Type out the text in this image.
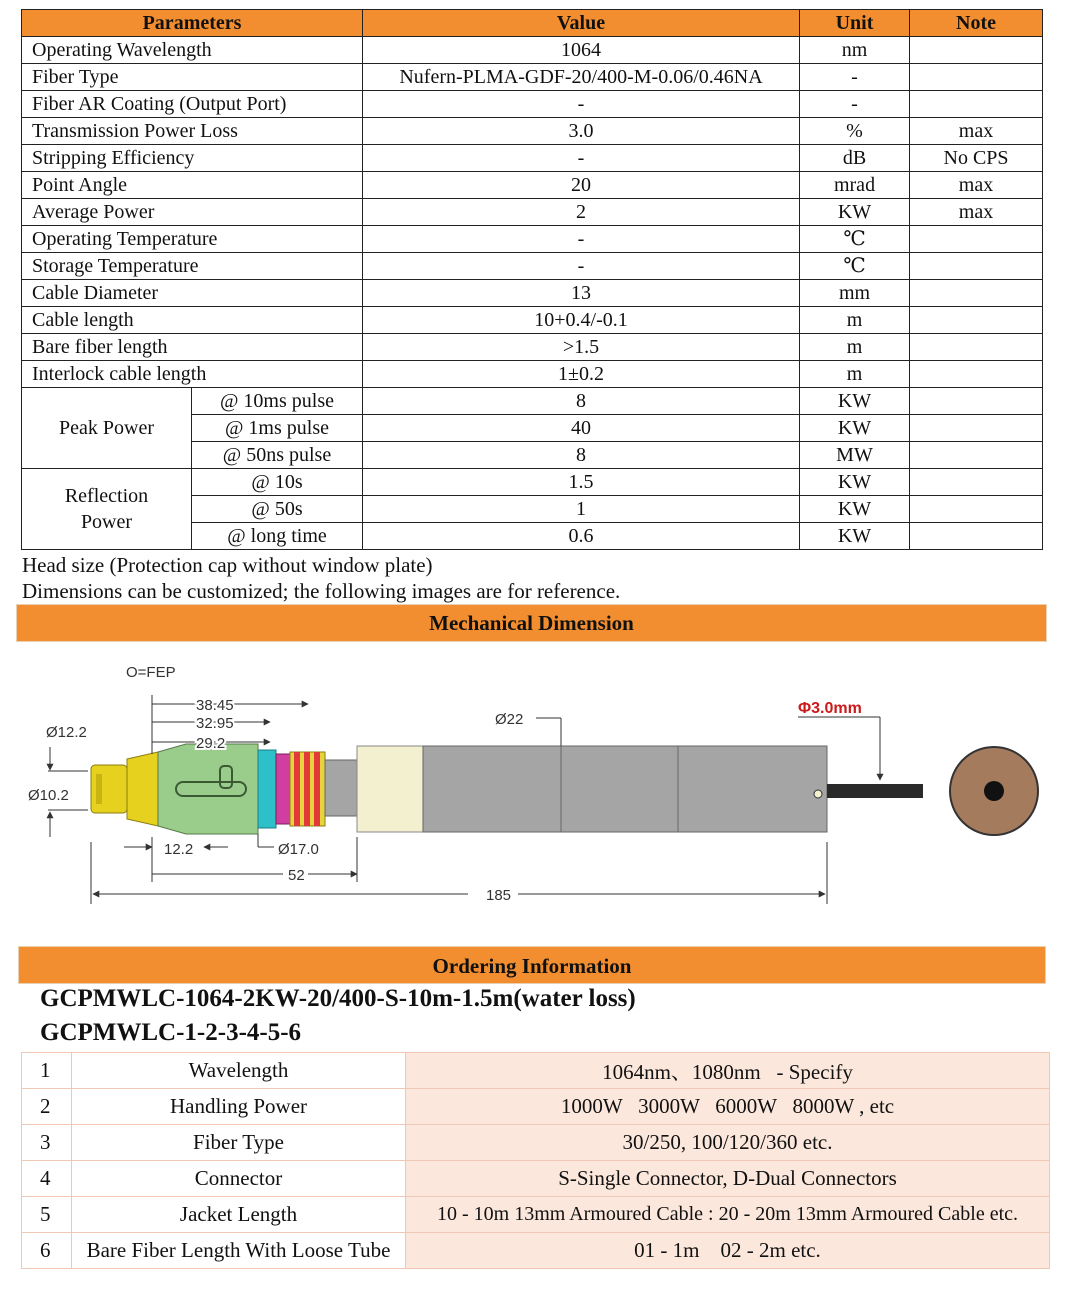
Parameters		Value	Unit	Note
Operating Wavelength		1064	nm	
Fiber Type		Nufern-PLMA-GDF-20/400-M-0.06/0.46NA	-	
Fiber AR Coating (Output Port)		-	-	
Transmission Power Loss		3.0	%	max
Stripping Efficiency		-	dB	No CPS
Point Angle		20	mrad	max
Average Power		2	KW	max
Operating Temperature		-	℃	
Storage Temperature		-	℃	
Cable Diameter		13	mm	
Cable length		10+0.4/-0.1	m	
Bare fiber length		>1.5	m	
Interlock cable length		1±0.2	m	
Peak Power	@ 10ms pulse	8	KW	
	@ 1ms pulse	40	KW	
	@ 50ns pulse	8	MW	
Reflection
Power	@ 10s	1.5	KW	
	@ 50s	1	KW	
	@ long time	0.6	KW	
Head size (Protection cap without window plate)
Dimensions can be customized; the following images are for reference.
Mechanical Dimension
O=FEP
38.45
32.95
29.2
Ø12.2
Ø10.2
12.2	Ø17.0
52
185
Ø22
Φ3.0mm
Ordering Information
GCPMWLC-1064-2KW-20/400-S-10m-1.5m(water loss)
GCPMWLC-1-2-3-4-5-6
1	Wavelength	1064nm、1080nm   - Specify
2	Handling Power	1000W   3000W   6000W   8000W , etc
3	Fiber Type	30/250, 100/120/360 etc.
4	Connector	S-Single Connector, D-Dual Connectors
5	Jacket Length	10 - 10m 13mm Armoured Cable : 20 - 20m 13mm Armoured Cable etc.
6	Bare Fiber Length With Loose Tube	01 - 1m    02 - 2m etc.
